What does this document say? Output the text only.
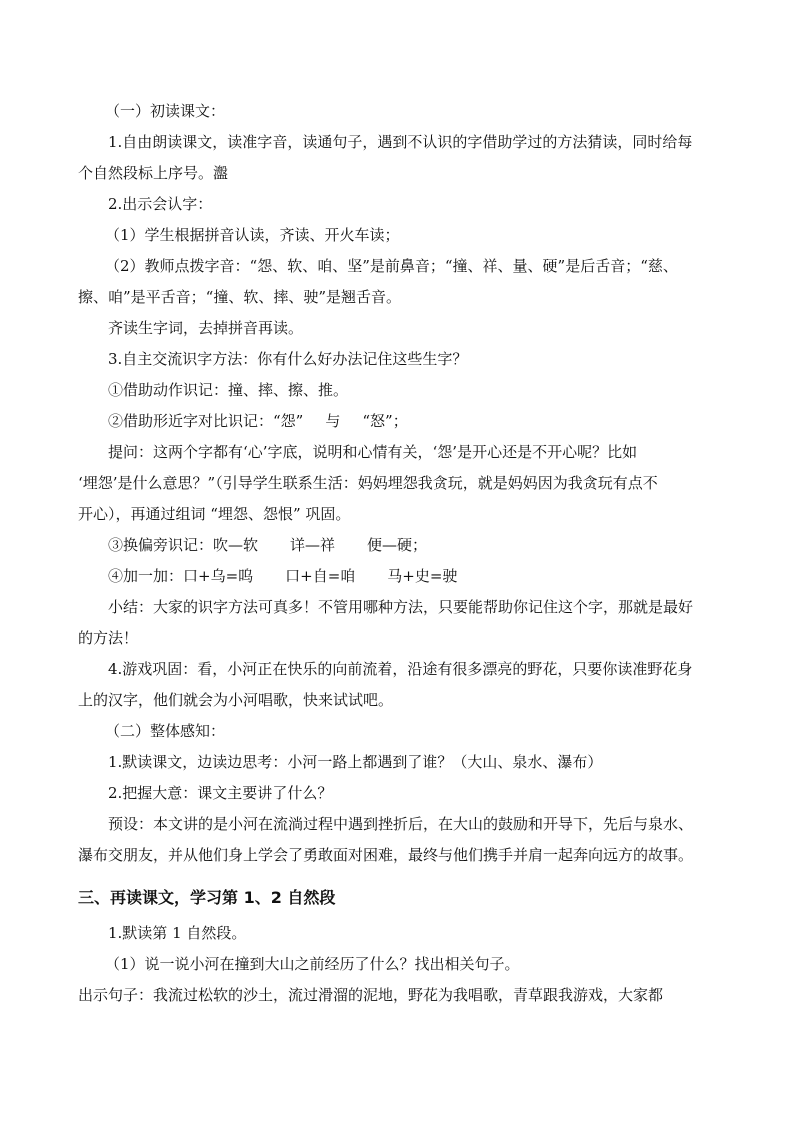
（一）初读课文：

1.自由朗读课文，读准字音，读通句子，遇到不认识的字借助学过的方法猜读，同时给每

个自然段标上序号。瀊

2.出示会认字：

（1）学生根据拼音认读，齐读、开火车读；

（2）教师点拨字音：“怨、软、咱、坚”是前鼻音；“撞、祥、量、硬”是后舌音；“慈、

擦、咱”是平舌音；“撞、软、摔、驶”是翘舌音。

齐读生字词，去掉拼音再读。

3.自主交流识字方法：你有什么好办法记住这些生字？

①借助动作识记：撞、摔、擦、推。

②借助形近字对比识记：“怨” 与 “怒”；

提问：这两个字都有‘心’字底，说明和心情有关，‘怨’是开心还是不开心呢？比如

‘埋怨’是什么意思？”（引导学生联系生活：妈妈埋怨我贪玩，就是妈妈因为我贪玩有点不

开心），再通过组词 “埋怨、怨恨” 巩固。

③换偏旁识记：吹—软 详—祥 便—硬；

④加一加：口+乌=呜 口+自=咱 马+史=驶

小结：大家的识字方法可真多！不管用哪种方法，只要能帮助你记住这个字，那就是最好

的方法！

4.游戏巩固：看，小河正在快乐的向前流着，沿途有很多漂亮的野花，只要你读准野花身

上的汉字，他们就会为小河唱歌，快来试试吧。

（二）整体感知：

1.默读课文，边读边思考：小河一路上都遇到了谁？（大山、泉水、瀑布）

2.把握大意：课文主要讲了什么？

预设：本文讲的是小河在流淌过程中遇到挫折后，在大山的鼓励和开导下，先后与泉水、

瀑布交朋友，并从他们身上学会了勇敢面对困难，最终与他们携手并肩一起奔向远方的故事。

三、再读课文，学习第 1、2 自然段

1.默读第 1 自然段。

（1）说一说小河在撞到大山之前经历了什么？找出相关句子。

出示句子：我流过松软的沙土，流过滑溜的泥地，野花为我唱歌，青草跟我游戏，大家都
